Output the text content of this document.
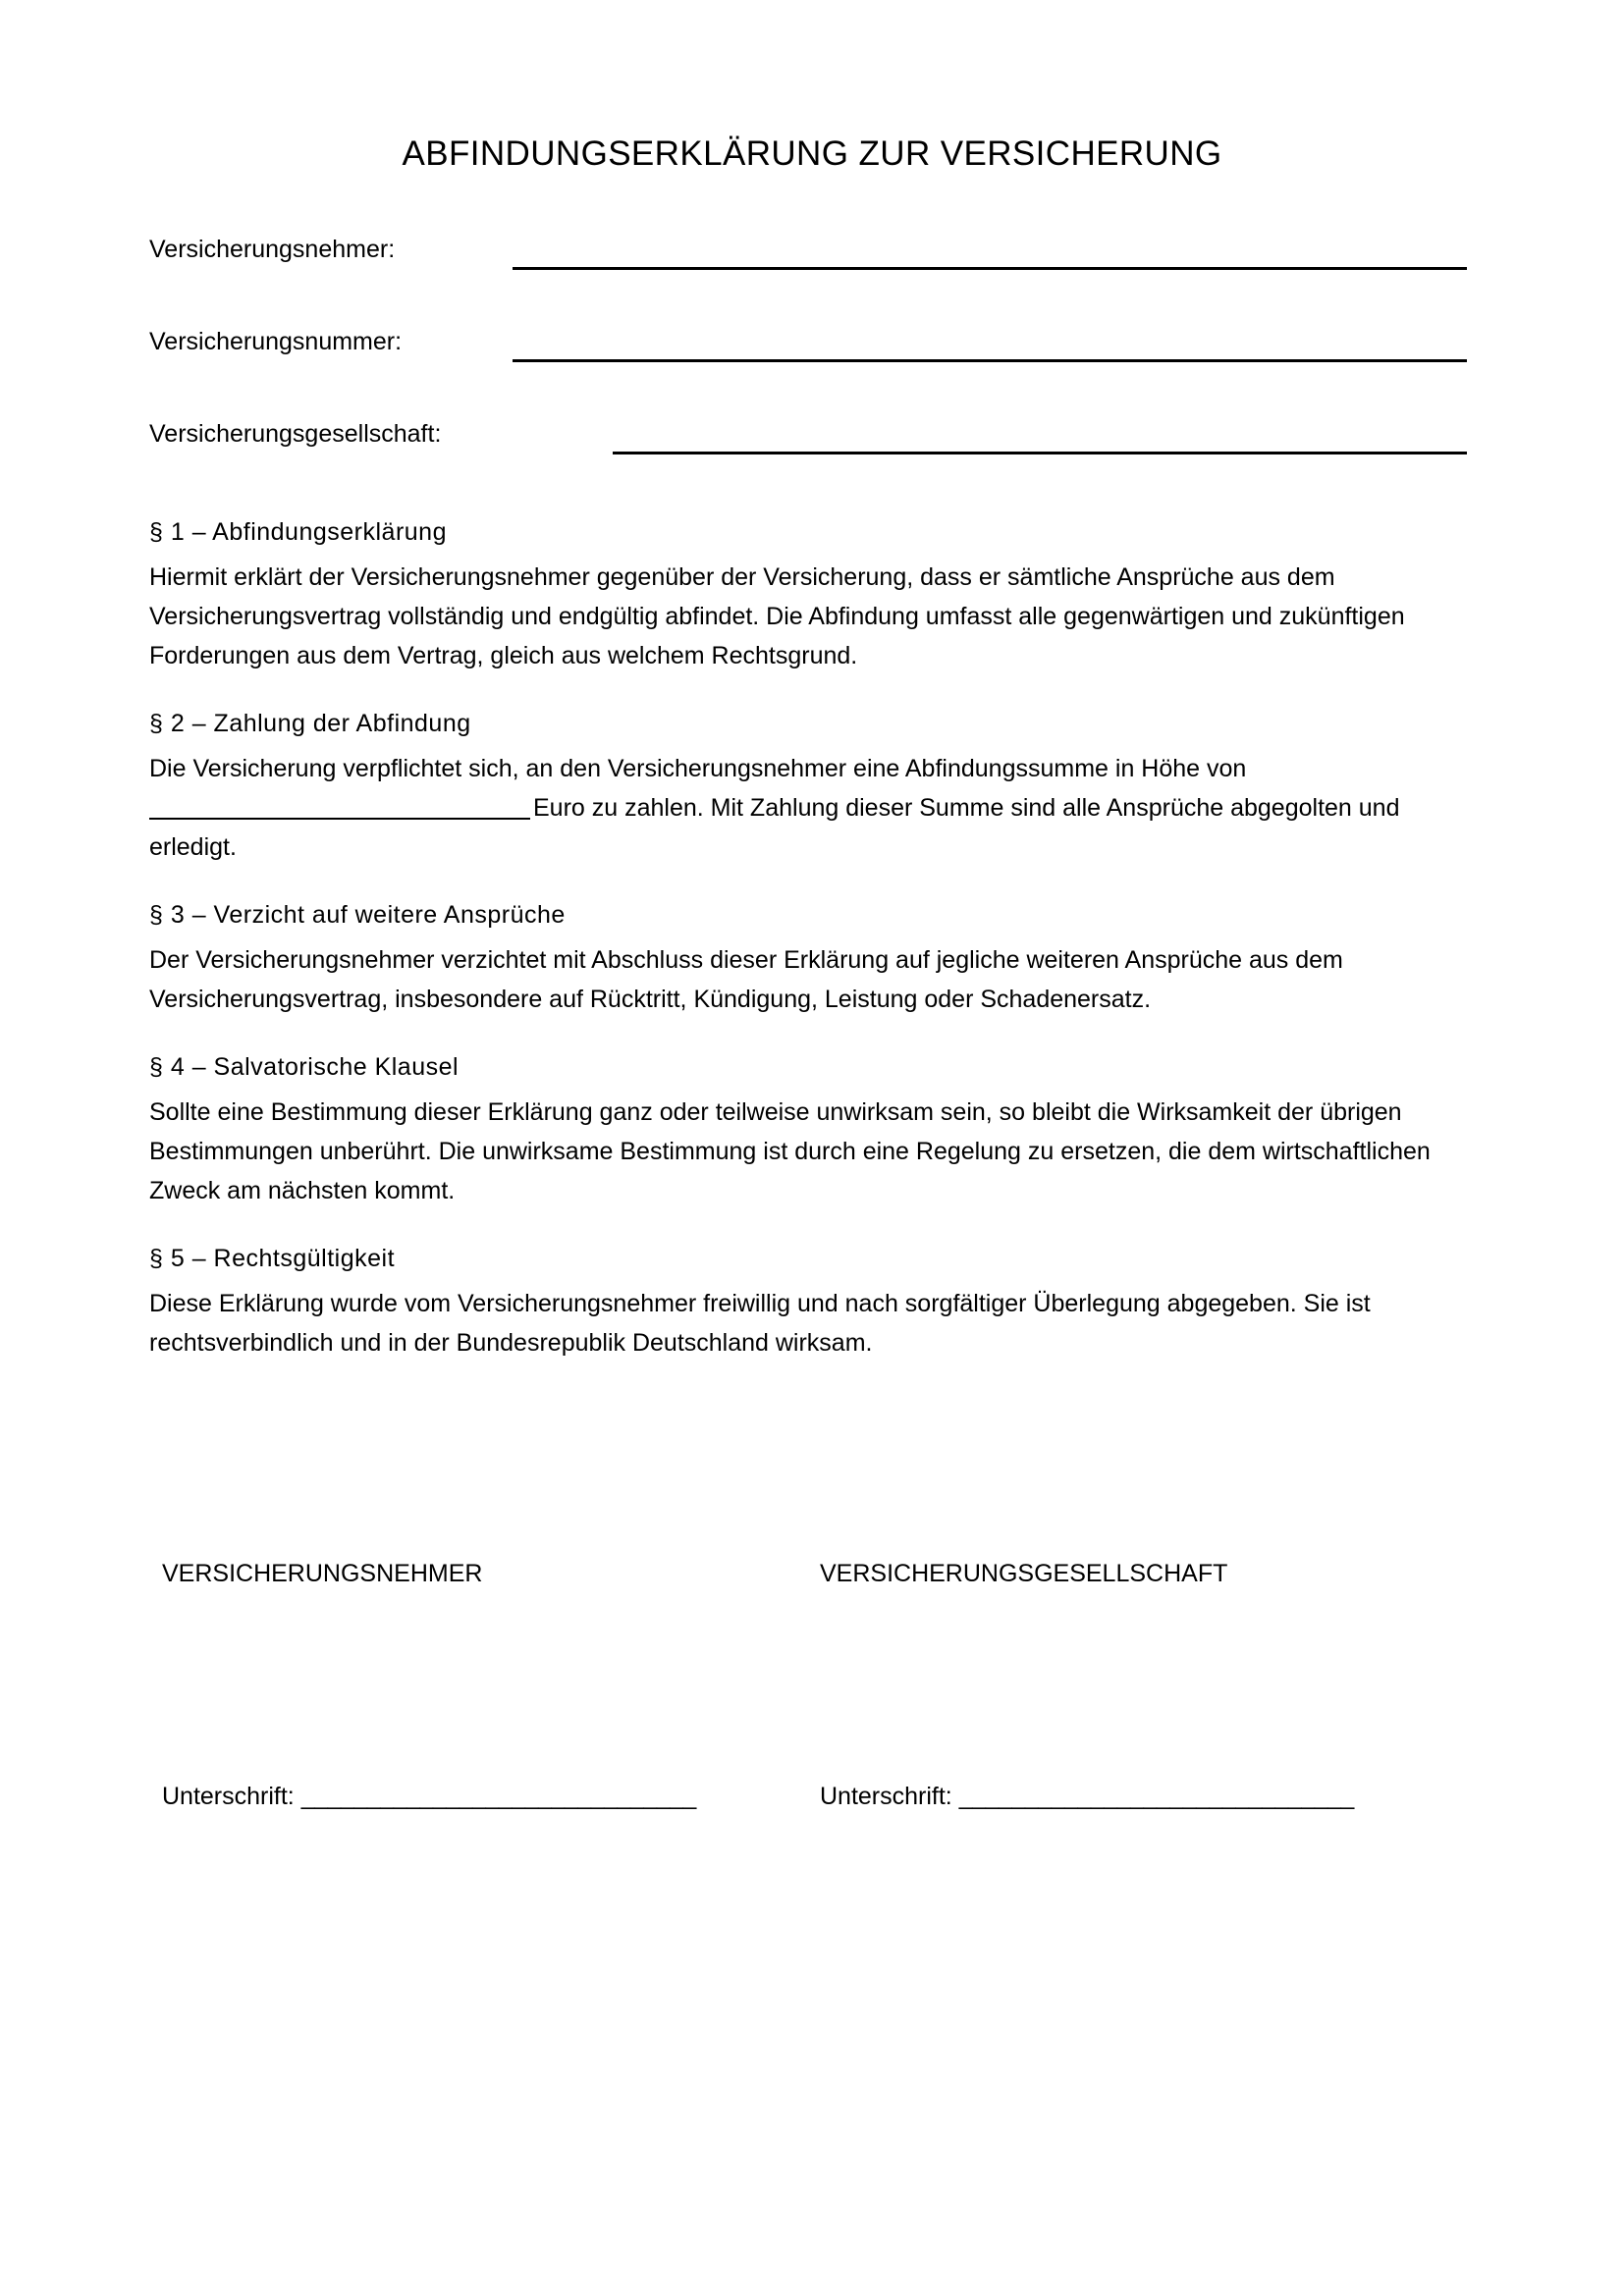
ABFINDUNGSERKLÄRUNG ZUR VERSICHERUNG
Versicherungsnehmer:
Versicherungsnummer:
Versicherungsgesellschaft:
§ 1 – Abfindungserklärung
Hiermit erklärt der Versicherungsnehmer gegenüber der Versicherung, dass er sämtliche Ansprüche aus dem Versicherungsvertrag vollständig und endgültig abfindet. Die Abfindung umfasst alle gegenwärtigen und zukünftigen Forderungen aus dem Vertrag, gleich aus welchem Rechtsgrund.
§ 2 – Zahlung der Abfindung
Die Versicherung verpflichtet sich, an den Versicherungsnehmer eine Abfindungssumme in Höhe von Euro zu zahlen. Mit Zahlung dieser Summe sind alle Ansprüche abgegolten und erledigt.
§ 3 – Verzicht auf weitere Ansprüche
Der Versicherungsnehmer verzichtet mit Abschluss dieser Erklärung auf jegliche weiteren Ansprüche aus dem Versicherungsvertrag, insbesondere auf Rücktritt, Kündigung, Leistung oder Schadenersatz.
§ 4 – Salvatorische Klausel
Sollte eine Bestimmung dieser Erklärung ganz oder teilweise unwirksam sein, so bleibt die Wirksamkeit der übrigen Bestimmungen unberührt. Die unwirksame Bestimmung ist durch eine Regelung zu ersetzen, die dem wirtschaftlichen Zweck am nächsten kommt.
§ 5 – Rechtsgültigkeit
Diese Erklärung wurde vom Versicherungsnehmer freiwillig und nach sorgfältiger Überlegung abgegeben. Sie ist rechtsverbindlich und in der Bundesrepublik Deutschland wirksam.
VERSICHERUNGSNEHMER	VERSICHERUNGSGESELLSCHAFT
Unterschrift: ______________________________	Unterschrift: ______________________________
